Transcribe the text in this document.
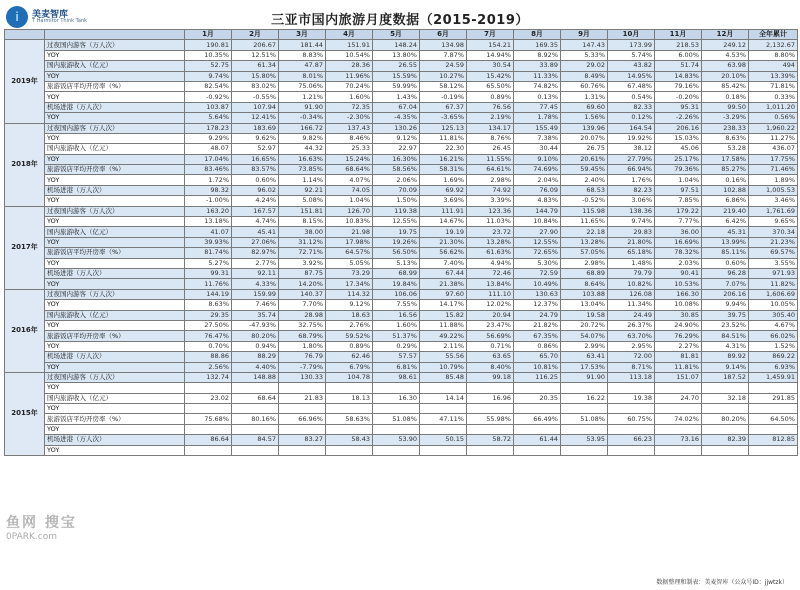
i	美麦智库
T Harmitor Think Tank	三亚市国内旅游月度数据（2015-2019）
		1月	2月	3月	4月	5月	6月	7月	8月	9月	10月	11月	12月	全年累计
2019年	过夜国内游客（万人次）	190.81	206.67	181.44	151.91	148.24	134.98	154.21	169.35	147.43	173.99	218.53	249.12	2,132.67
	YOY	10.35%	12.51%	8.83%	10.54%	13.80%	7.87%	14.94%	8.92%	5.33%	5.74%	6.00%	4.53%	8.80%
	国内旅游收入（亿元）	52.75	61.34	47.87	28.36	26.55	24.59	30.54	33.89	29.02	43.82	51.74	63.98	494
	YOY	9.74%	15.80%	8.01%	11.96%	15.59%	10.27%	15.42%	11.33%	8.49%	14.95%	14.83%	20.10%	13.39%
	旅游饭店平均开房率（%）	82.54%	83.02%	75.06%	70.24%	59.99%	58.12%	65.50%	74.82%	60.76%	67.48%	79.16%	85.42%	71.81%
	YOY	-0.92%	-0.55%	1.21%	1.60%	1.43%	-0.19%	0.89%	0.13%	1.31%	0.54%	-0.20%	0.18%	0.33%
	机场进港（万人次）	103.87	107.94	91.90	72.35	67.04	67.37	76.56	77.45	69.60	82.33	95.31	99.50	1,011.20
	YOY	5.64%	12.41%	-0.34%	-2.30%	-4.35%	-3.65%	2.19%	1.78%	1.56%	0.12%	-2.26%	-3.29%	0.56%
2018年	过夜国内游客（万人次）	178.23	183.69	166.72	137.43	130.26	125.13	134.17	155.49	139.96	164.54	206.16	238.33	1,960.22
	YOY	9.29%	9.62%	9.82%	8.46%	9.12%	11.81%	8.76%	7.38%	20.07%	19.92%	15.03%	8.63%	11.27%
	国内旅游收入（亿元）	48.07	52.97	44.32	25.33	22.97	22.30	26.45	30.44	26.75	38.12	45.06	53.28	436.07
	YOY	17.04%	16.65%	16.63%	15.24%	16.30%	16.21%	11.55%	9.10%	20.61%	27.79%	25.17%	17.58%	17.75%
	旅游饭店平均开房率（%）	83.46%	83.57%	73.85%	68.64%	58.56%	58.31%	64.61%	74.69%	59.45%	66.94%	79.36%	85.27%	71.46%
	YOY	1.72%	0.60%	1.14%	4.07%	2.06%	1.69%	2.98%	2.04%	2.40%	1.76%	1.04%	0.16%	1.89%
	机场进港（万人次）	98.32	96.02	92.21	74.05	70.09	69.92	74.92	76.09	68.53	82.23	97.51	102.88	1,005.53
	YOY	-1.00%	4.24%	5.08%	1.04%	1.50%	3.69%	3.39%	4.83%	-0.52%	3.06%	7.85%	6.86%	3.46%
2017年	过夜国内游客（万人次）	163.20	167.57	151.81	126.70	119.38	111.91	123.36	144.79	115.98	138.36	179.22	219.40	1,761.69
	YOY	13.18%	4.74%	8.15%	10.83%	12.55%	14.67%	11.03%	10.84%	11.65%	9.74%	7.77%	6.42%	9.65%
	国内旅游收入（亿元）	41.07	45.41	38.00	21.98	19.75	19.19	23.72	27.90	22.18	29.83	36.00	45.31	370.34
	YOY	39.93%	27.06%	31.12%	17.98%	19.26%	21.30%	13.28%	12.55%	13.28%	21.80%	16.69%	13.99%	21.23%
	旅游饭店平均开房率（%）	81.74%	82.97%	72.71%	64.57%	56.50%	56.62%	61.63%	72.65%	57.05%	65.18%	78.32%	85.11%	69.57%
	YOY	5.27%	2.77%	3.92%	5.05%	5.13%	7.40%	4.94%	5.30%	2.98%	1.48%	2.03%	0.60%	3.55%
	机场进港（万人次）	99.31	92.11	87.75	73.29	68.99	67.44	72.46	72.59	68.89	79.79	90.41	96.28	971.93
	YOY	11.76%	4.33%	14.20%	17.34%	19.84%	21.38%	13.84%	10.49%	8.64%	10.82%	10.53%	7.07%	11.82%
2016年	过夜国内游客（万人次）	144.19	159.99	140.37	114.32	106.06	97.60	111.10	130.63	103.88	126.08	166.30	206.16	1,606.69
	YOY	8.63%	7.46%	7.70%	9.12%	7.55%	14.17%	12.02%	12.37%	13.04%	11.34%	10.08%	9.94%	10.05%
	国内旅游收入（亿元）	29.35	35.74	28.98	18.63	16.56	15.82	20.94	24.79	19.58	24.49	30.85	39.75	305.40
	YOY	27.50%	-47.93%	32.75%	2.76%	1.60%	11.88%	23.47%	21.82%	20.72%	26.37%	24.90%	23.52%	4.67%
	旅游饭店平均开房率（%）	76.47%	80.20%	68.79%	59.52%	51.37%	49.22%	56.69%	67.35%	54.07%	63.70%	76.29%	84.51%	66.02%
	YOY	0.70%	0.94%	1.80%	0.89%	0.29%	2.11%	0.71%	0.86%	2.99%	2.95%	2.27%	4.31%	1.52%
	机场进港（万人次）	88.86	88.29	76.79	62.46	57.57	55.56	63.65	65.70	63.41	72.00	81.81	89.92	869.22
	YOY	2.56%	4.40%	-7.79%	6.79%	6.81%	10.79%	8.40%	10.81%	17.53%	8.71%	11.81%	9.14%	6.93%
2015年	过夜国内游客（万人次）	132.74	148.88	130.33	104.78	98.61	85.48	99.18	116.25	91.90	113.18	151.07	187.52	1,459.91
	YOY													
	国内旅游收入（亿元）	23.02	68.64	21.83	18.13	16.30	14.14	16.96	20.35	16.22	19.38	24.70	32.18	291.85
	YOY													
	旅游饭店平均开房率（%）	75.68%	80.16%	66.96%	58.63%	51.08%	47.11%	55.98%	66.49%	51.08%	60.75%	74.02%	80.20%	64.50%
	YOY													
	机场进港（万人次）	86.64	84.57	83.27	58.43	53.90	50.15	58.72	61.44	53.95	66.23	73.16	82.39	812.85
	YOY													
鱼网 搜宝
0PARK.com
数据整理和制表：美麦智库（公众号ID：jjwtzk）
